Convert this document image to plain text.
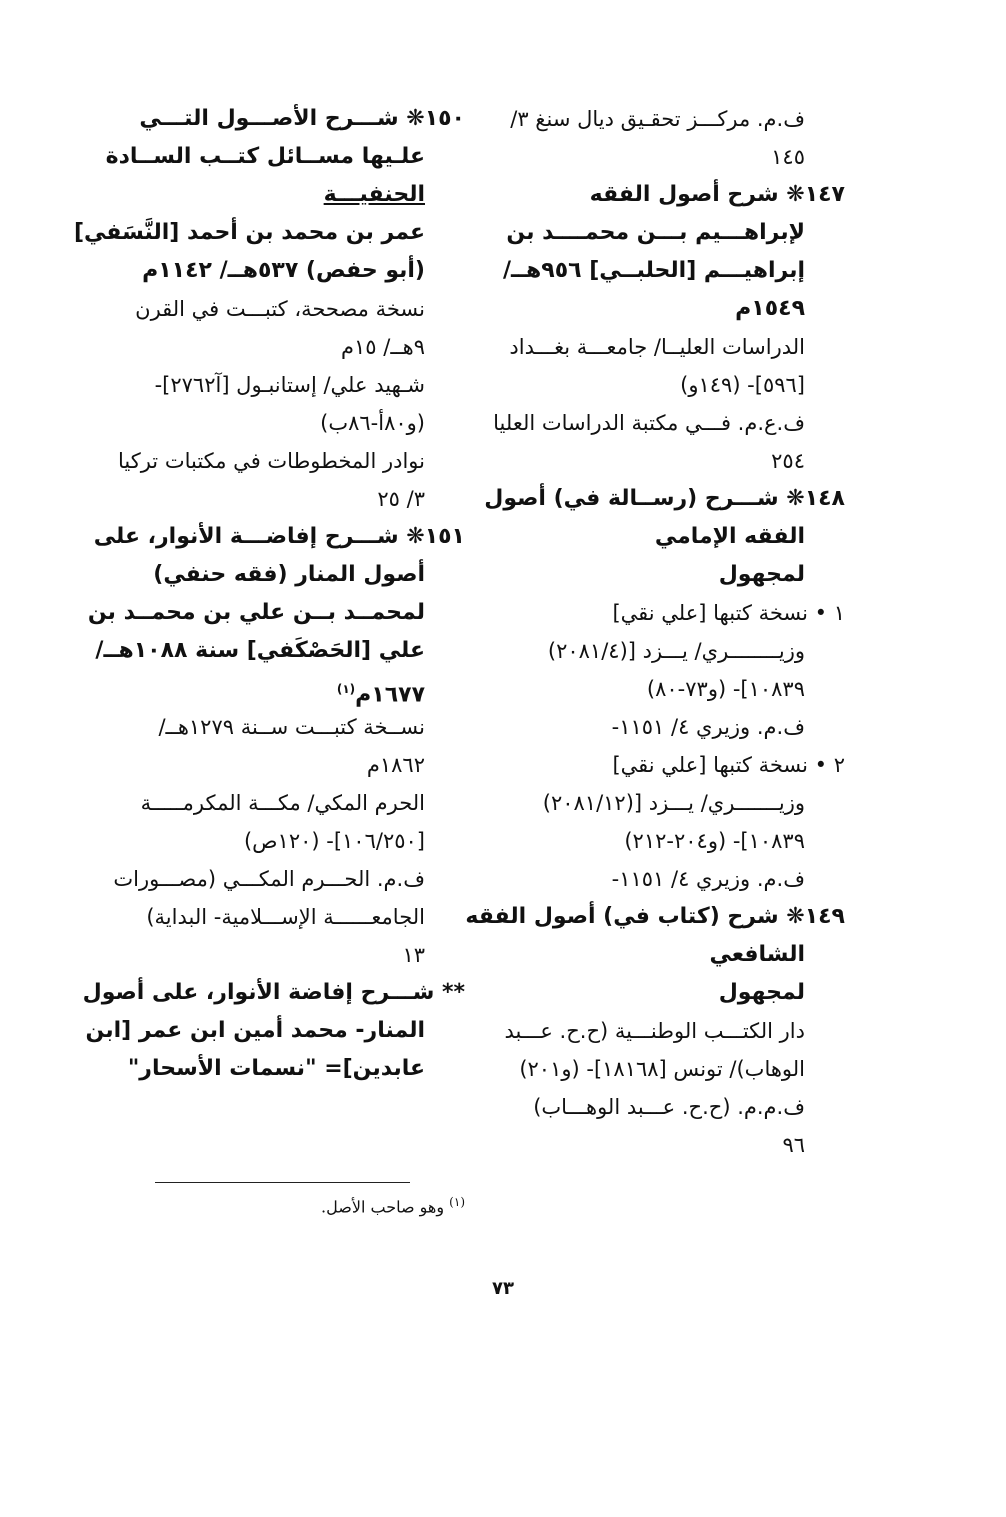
ف.م. مركـــز تحقـيق ديال سنغ ٣/
١٤٥
١٤٧❋ شرح أصول الفقه
لإبراهـــيم بـــن محمــــد بن
إبراهيـــم [الحلبــي] ٩٥٦هــ/
١٥٤٩م
الدراسات العليــا/ جامعـــة بغـــداد
[٥٩٦]- (١٤٩و)
ف.ع.م. فـــي مكتبة الدراسات العليا
٢٥٤
١٤٨❋ شـــرح (رســالة في) أصول
الفقه الإمامي
لمجهول
١ • نسخة كتبها [علي نقي]
وزيــــــــري/ يـــزد [(٢٠٨١/٤)
١٠٨٣٩]- (و٧٣-٨٠)
ف.م. وزيري ٤/ ١١٥١-
٢ • نسخة كتبها [علي نقي]
وزيـــــــري/ يـــزد [(٢٠٨١/١٢)
١٠٨٣٩]- (و٢٠٤-٢١٢)
ف.م. وزيري ٤/ ١١٥١-
١٤٩❋ شرح (كتاب في) أصول الفقه
الشافعي
لمجهول
دار الكتـــب الوطنـــية (ح.ح. عـــبد
الوهاب)/ تونس [١٨١٦٨]- (و٢٠١)
ف.م.م. (ح.ح. عـــبد الوهـــاب)
٩٦
١٥٠❋ شـــرح الأصـــول التـــي
علـيها مســائل كتــب الســادة
الحنفيـــة
عمر بن محمد بن أحمد [النَّسَفي]
(أبو حفص) ٥٣٧هــ/ ١١٤٢م
نسخة مصححة، كتبـــت في القرن
٩هــ/ ١٥م
شـهيد علي/ إستانبـول [آ٢٧٦٢]-
(و٨٠أ-٨٦ب)
نوادر المخطوطات في مكتبات تركيا
٣/ ٢٥
١٥١❋ شـــرح إفاضـــة الأنوار، على
أصول المنار (فقه حنفي)
لمحمــد بــن علي بن محمــد بن
علي [الحَصْكَفي] سنة ١٠٨٨هــ/
١٦٧٧م$^{(١)}$
نســخة كتبـــت ســنة ١٢٧٩هــ/
١٨٦٢م
الحرم المكي/ مكـــة المكرمـــــة
[١٠٦/٢٥٠]- (١٢٠ص)
ف.م. الحـــرم المكـــي (مصـــورات
الجامعــــــة الإســـلامية- البداية)
١٣
** شـــرح إفاضة الأنوار، على أصول
المنار- محمد أمين ابن عمر [ابن
عابدين]= "نسمات الأسحار"
$^{(١)}$ وهو صاحب الأصل.
٧٣
